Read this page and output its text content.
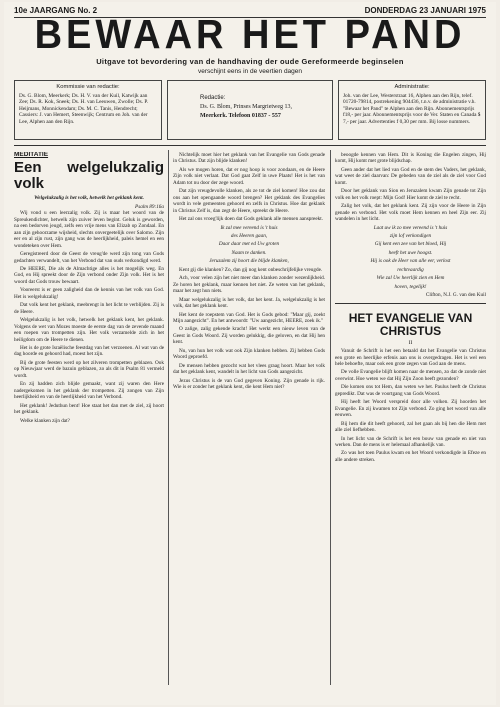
10e JAARGANG No. 2	DONDERDAG 23 JANUARI 1975
BEWAAR HET PAND
Uitgave tot bevordering van de handhaving der oude Gereformeerde beginselen
verschijnt eens in de veertien dagen
Kommissie van redactie:
Ds. G. Blom, Meerkerk; Ds. H. V. van der Kuil, Katwijk aan Zee; Ds. R. Kok, Sneek; Ds. H. van Leeuwen, Zwolle; Ds. P. Heijmans, Monnickendam; Ds. M. C. Tanis, Hendrecht; Cassiers: J. van Hemert, Steenwijk; Centrum en Joh. van der Lee, Alphen aan den Rijn.
Redactie:
Ds. G. Blom, Prinses Margrietweg 13,
Meerkerk. Telefoon 01837 - 557
Administratie:
Joh. van der Lee, Westerstraat 16, Alphen aan den Rijn, telef. 01720-79814, postrekening 904436, t.n.v. de administratie v.h. "Bewaar het Pand" te Alphen aan den Rijn. Abonnementsprijs f18,- per jaar. Abonnementsprijs voor de Ver. Staten en Canada $ 7,- per jaar. Advertenties f 0,30 per mm. Bij losse nummers.
MEDITATIE
Een welgelukzalig volk
Welgelukzalig is het volk, hetwelk het geklank kent.
Psalm 89:16a

Wij vond u een leerzalig volk. Zij is maar het woord van de Spreukendichter, hetwelk zijn zuiver leven begint. Geluk is geworden, na een bedorven jeugd, zelfs een vrije mens van Elizab op Zondaal. En aan zijn gehoorzame wijsheid, slechts onvergeetelijk over Salomo. Zijn eer en al zijn rust, zijn gang was de heerlijkheid, paleis hemel en een wondeteken over Hem.

Geregistreerd door de Geest de vreug'de werd zijn tong van Gods gedachten verwandelt, van het Verbond dat van ouds verkondigd werd.

De HEERE, Die als de Almachtige alles is het mogelijk weg. En God, en Hij spreekt door de Zijn verbond onder Zijn volk. Het is het woord dat Gods trouw bewaart.

Vooreerst is er geen zaligheid dan de kennis van het volk van God. Het is welgelukzalig!

Dat volk kent het geklank, meebrengt in het licht te verblijden. Zij is de Heere.

Welgelukzalig is het volk, hetwelk het geklank kent, het geklank. Volgens de wet van Mozes moeste de eerste dag van de zevende maand een roepen van trompetten zijn. Het volk verzamelde zich in het heiligdom om de Heere te dienen.

Het is de grote Israëlische feestdag van het verzoenen. Al wat van de dag hoorde en gehoord had, moest het zijn.

Bij de grote feesten werd op het zilveren trompetten geblazen. Ook op Nieuwjaar werd de bazuin geblazen, zo als dit in Psalm 81 vermeld wordt.

En zij hadden zich blijde gemaakt, want zij waren den Here nadergekomen in het geklank der trompetten. Zij zongen van Zijn heerlijkheid en van de heerlijkheid van het Verbond.

Het geklank! Jeduthun bent! Hoe staat het dan met de ziel, zij hoort het geklank.

Welke klanken zijn dat?

Nichtelijk moet hier het geklank van het Evangelie van Gods genade in Christus. Dat zijn blijde klanken!

Als we mogen horen, dat er nog hoop is voor zondaars, en de Heere Zijn volk niet verlaat. Dat God gaat Zelf in uwe Plaats! Het is het van Adam tot nu door der zege woord.

Dat zijn vreugdevolle klanken, als ze tot de ziel komen! Hoe zou dat ons aan het opengaande woord brengen? Het geklank des Evangelies wordt in vele gemeenten gehoord en zelfs in Christus. Hoe dat geklank in Christus Zelf is, dan zegt de Heere, spreekt de Heere.

Het zal ons vroeg'lijk doen dat Gods geklank alle mensen aanspreekt.

Ik zal mee vereend is 't huis
des Heeren gaan,
Daar daar met ed Uw groten
Naam te danken.
Jeruzalem zij hoort die blijde klanken,

Kent gij die klanken? Zo, dan gij nog kent onbeschrijfelijke vreugde.

Ach, voor velen zijn het niet meer dan klanken zonder wezenlijkheid. Ze horen het geklank, maar kennen het niet. Ze weten van het geklank, maar het zegt hun niets.

Maar welgelukzalig is het volk, dat het kent. Ja, welgelukzalig is het volk, dat het geklank kent.

Het kent de roepstem van God. Het is Gods gebod: "Maar gij, zoekt Mijn aangezicht". En het antwoordt: "Uw aangezicht, HEERE, zoek ik."

O zalige, zalig gekende kracht! Het werkt een nieuw leven van de Geest in Gods Woord. Zij worden gelukkig, die geloven, en dat Hij hen kent.

Nu, van hun het volk wat ook Zijn klanken hebben. Zij hebben Gods Woord geproefd.

De mensen hebben gezocht wat het vlees graag hoort. Maar het volk dat het geklank kent, wandelt in het licht van Gods aangezicht.

Jezus Christus is de van God gegeven Koning. Zijn genade is rijk. Wie is er zonder het geklank kent, die kent Hem niet?

beoogde kennen van Hem. Dit is Koning die Engelen zingen, Hij komt, Hij komt met grote blijdschap.

Geen ander dat het lied van God en de stem des Vaders, het geklank, wat weet de ziel daarvan: De gebeden van de ziel als de ziel voor God komt.

Door het geklank van Sion en Jeruzalem kwam Zijn genade tot Zijn volk en het volk roept: Mijn God! Hier komt de ziel te recht.

Zalig het volk, dat het geklank kent. Zij zijn voor de Heere in Zijn genade en verbond. Het volk moet Hem kennen en heel Zijn eer. Zij wandelen in het licht.

Laat uw ik zo mee vereend is 't huis
zijn lof verkondigen
Gij kent een zee van het bloed, Hij
heeft het uwe hoogst.
Hij is ook de Heer van alle eer, verlost
rechtvaardig
Wie zal Uw heerlijk zien en Hem
hoven, tegelijk!
Clifton, N.J. G. van den Kuil
HET EVANGELIE VAN CHRISTUS
II

Vanuit de Schrift is het een betaald dat het Evangelie van Christus een grote en heerlijke erfenis aan ons is overgedragen. Het is wel een hele behoefte, maar ook een grote zegen van God aan de mens.

De volle Evangelie blijft komen naar de mensen, zo dat de zonde niet overwint. Hoe weten we dat Hij Zijn Zoon heeft gezonden?

Die komen ons tot Hem, dan weten we het. Paulus heeft de Christus gepredikt. Dat was de voortgang van Gods Woord.

Hij heeft het Woord verspreid door alle volken. Zij hoorden het Evangelie. En zij kwamen tot Zijn verbond. Zo ging het woord van alle eeuwen.

Bij hem die dit heeft gehoord, zal het gaan als bij hen die Hem met alle ziel liefhebben.

In het licht van de Schrift is het een bouw van genade en niet van werken. Dan de mens is er helemaal afhankelijk van.

Zo was het toen Paulus kwam en het Woord verkondigde in Efeze en alle andere streken.
